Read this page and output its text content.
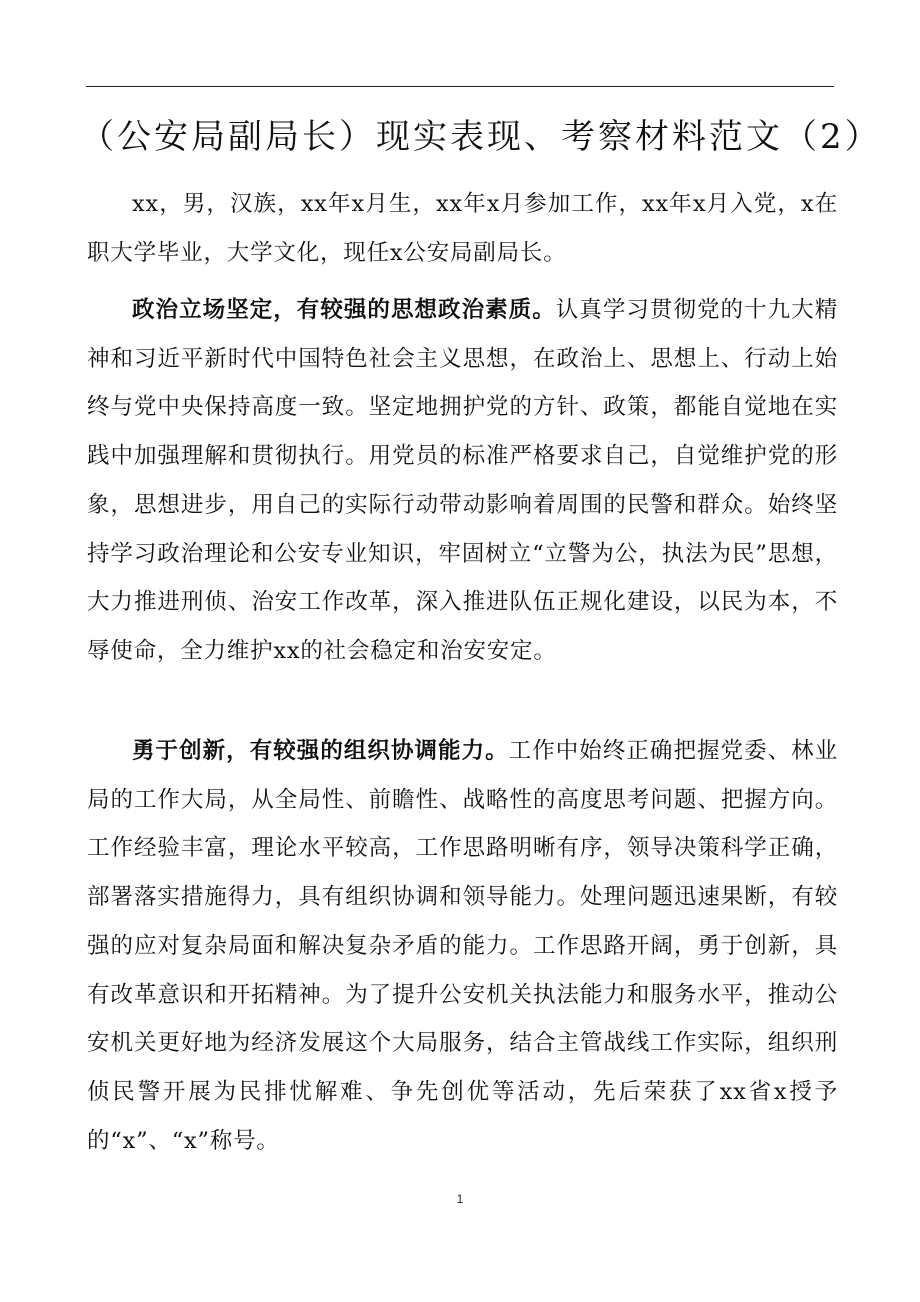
（公安局副局长）现实表现、考察材料范文（2）

xx，男，汉族，xx年x月生，xx年x月参加工作，xx年x月入党，x在职大学毕业，大学文化，现任x公安局副局长。

政治立场坚定，有较强的思想政治素质。认真学习贯彻党的十九大精神和习近平新时代中国特色社会主义思想，在政治上、思想上、行动上始终与党中央保持高度一致。坚定地拥护党的方针、政策，都能自觉地在实践中加强理解和贯彻执行。用党员的标准严格要求自己，自觉维护党的形象，思想进步，用自己的实际行动带动影响着周围的民警和群众。始终坚持学习政治理论和公安专业知识，牢固树立“立警为公，执法为民”思想，大力推进刑侦、治安工作改革，深入推进队伍正规化建设，以民为本，不辱使命，全力维护xx的社会稳定和治安安定。

勇于创新，有较强的组织协调能力。工作中始终正确把握党委、林业局的工作大局，从全局性、前瞻性、战略性的高度思考问题、把握方向。工作经验丰富，理论水平较高，工作思路明晰有序，领导决策科学正确，部署落实措施得力，具有组织协调和领导能力。处理问题迅速果断，有较强的应对复杂局面和解决复杂矛盾的能力。工作思路开阔，勇于创新，具有改革意识和开拓精神。为了提升公安机关执法能力和服务水平，推动公安机关更好地为经济发展这个大局服务，结合主管战线工作实际，组织刑侦民警开展为民排忧解难、争先创优等活动，先后荣获了xx省x授予的“x”、“x”称号。

1
